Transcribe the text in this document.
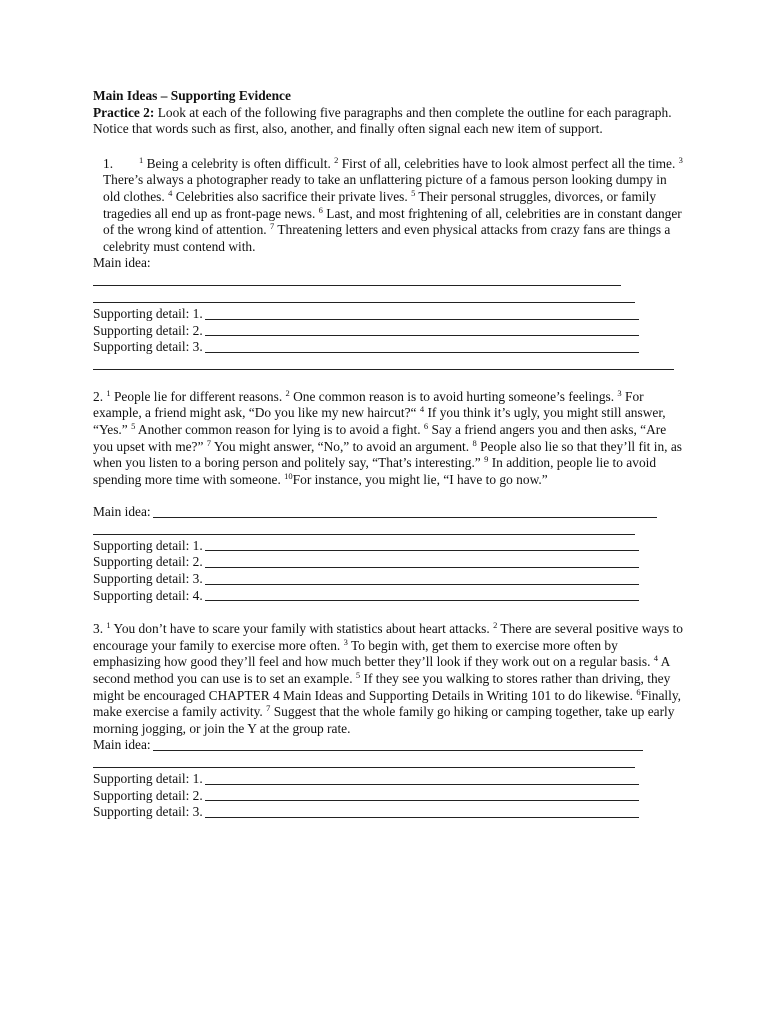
Main Ideas – Supporting Evidence
Practice 2: Look at each of the following five paragraphs and then complete the outline for each paragraph. Notice that words such as first, also, another, and finally often signal each new item of support.
1.	$^1$ Being a celebrity is often difficult. $^2$ First of all, celebrities have to look almost perfect all the time. $^3$ There’s always a photographer ready to take an unflattering picture of a famous person looking dumpy in old clothes. $^4$ Celebrities also sacrifice their private lives. $^5$ Their personal struggles, divorces, or family tragedies all end up as front-page news. $^6$ Last, and most frightening of all, celebrities are in constant danger of the wrong kind of attention. $^7$ Threatening letters and even physical attacks from crazy fans are things a celebrity must contend with.
Main idea:
Supporting detail: 1.
Supporting detail: 2.
Supporting detail: 3.
2. $^1$ People lie for different reasons. $^2$ One common reason is to avoid hurting someone’s feelings. $^3$ For example, a friend might ask, “Do you like my new haircut?“ $^4$ If you think it’s ugly, you might still answer, “Yes.” $^5$ Another common reason for lying is to avoid a fight. $^6$ Say a friend angers you and then asks, “Are you upset with me?” $^7$ You might answer, “No,” to avoid an argument. $^8$ People also lie so that they’ll fit in, as when you listen to a boring person and politely say, “That’s interesting.” $^9$ In addition, people lie to avoid spending more time with someone. $^{10}$For instance, you might lie, “I have to go now.”
Main idea:
Supporting detail: 1.
Supporting detail: 2.
Supporting detail: 3.
Supporting detail: 4.
3. $^1$ You don’t have to scare your family with statistics about heart attacks. $^2$ There are several positive ways to encourage your family to exercise more often. $^3$ To begin with, get them to exercise more often by emphasizing how good they’ll feel and how much better they’ll look if they work out on a regular basis. $^4$ A second method you can use is to set an example. $^5$ If they see you walking to stores rather than driving, they might be encouraged CHAPTER 4 Main Ideas and Supporting Details in Writing 101 to do likewise. $^6$Finally, make exercise a family activity. $^7$ Suggest that the whole family go hiking or camping together, take up early morning jogging, or join the Y at the group rate.
Main idea:
Supporting detail: 1.
Supporting detail: 2.
Supporting detail: 3.
